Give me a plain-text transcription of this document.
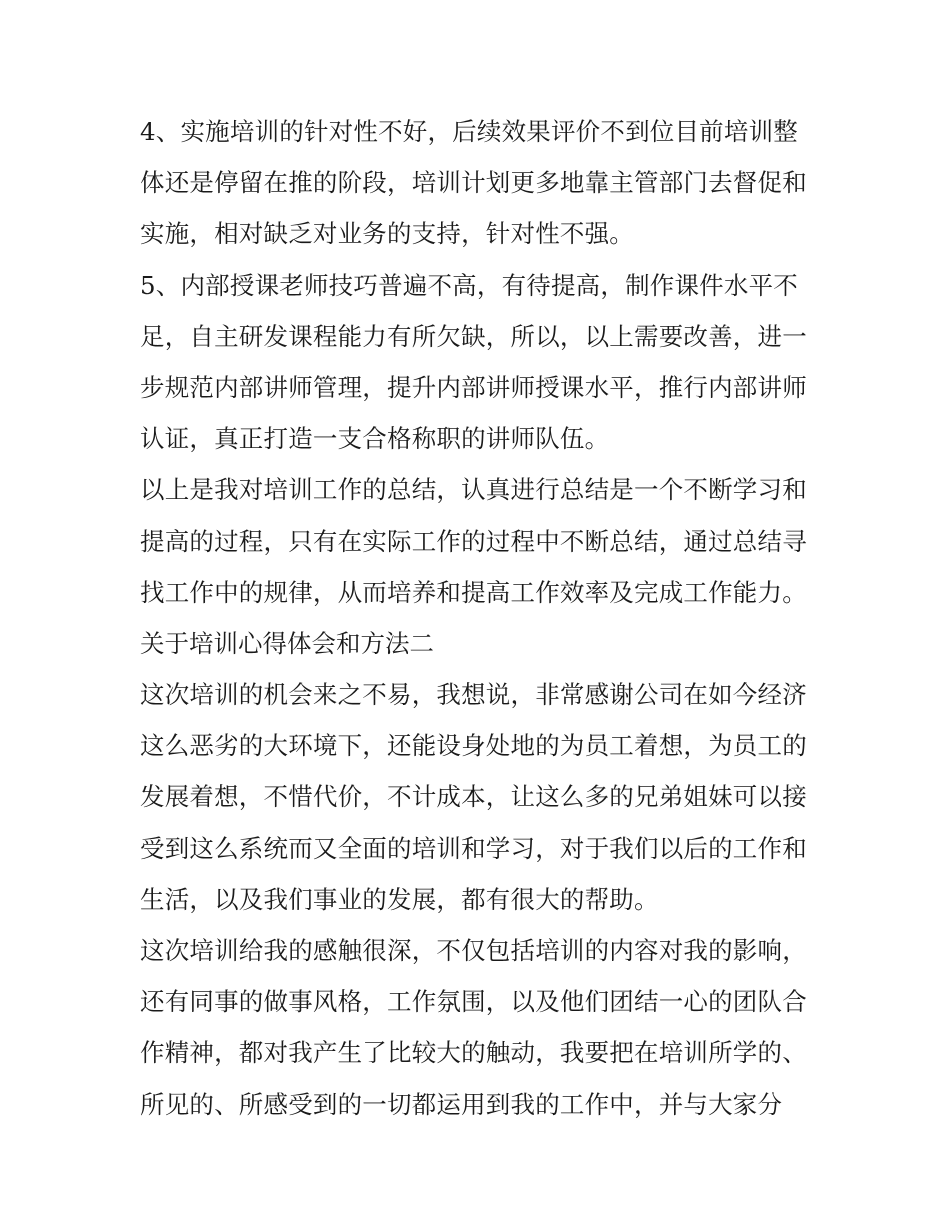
4、实施培训的针对性不好，后续效果评价不到位目前培训整
体还是停留在推的阶段，培训计划更多地靠主管部门去督促和
实施，相对缺乏对业务的支持，针对性不强。
5、内部授课老师技巧普遍不高，有待提高，制作课件水平不
足，自主研发课程能力有所欠缺，所以，以上需要改善，进一
步规范内部讲师管理，提升内部讲师授课水平，推行内部讲师
认证，真正打造一支合格称职的讲师队伍。
以上是我对培训工作的总结，认真进行总结是一个不断学习和
提高的过程，只有在实际工作的过程中不断总结，通过总结寻
找工作中的规律，从而培养和提高工作效率及完成工作能力。
关于培训心得体会和方法二
这次培训的机会来之不易，我想说，非常感谢公司在如今经济
这么恶劣的大环境下，还能设身处地的为员工着想，为员工的
发展着想，不惜代价，不计成本，让这么多的兄弟姐妹可以接
受到这么系统而又全面的培训和学习，对于我们以后的工作和
生活，以及我们事业的发展，都有很大的帮助。
这次培训给我的感触很深，不仅包括培训的内容对我的影响，
还有同事的做事风格，工作氛围，以及他们团结一心的团队合
作精神，都对我产生了比较大的触动，我要把在培训所学的、
所见的、所感受到的一切都运用到我的工作中，并与大家分
